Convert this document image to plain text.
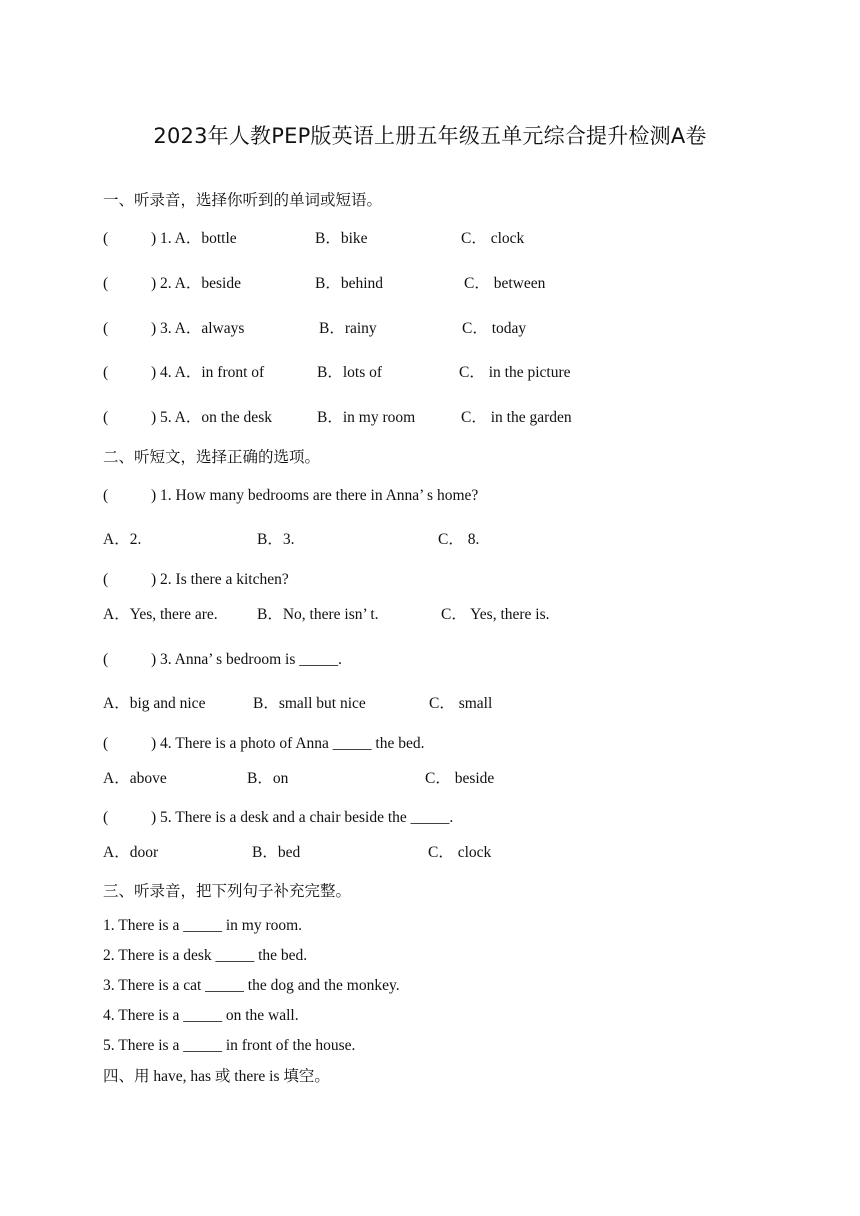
2023年人教PEP版英语上册五年级五单元综合提升检测A卷
一、听录音，选择你听到的单词或短语。
(	) 1. A．bottle	B．bike	C． clock
(	) 2. A．beside	B．behind	C． between
(	) 3. A．always	B．rainy	C． today
(	) 4. A．in front of	B．lots of	C． in the picture
(	) 5. A．on the desk	B．in my room	C． in the garden
二、听短文，选择正确的选项。
(	) 1. How many bedrooms are there in Anna’ s home?
A．2.	B．3.	C． 8.
(	) 2. Is there a kitchen?
A．Yes, there are.	B．No, there isn’ t.	C． Yes, there is.
(	) 3. Anna’ s bedroom is _____.
A．big and nice	B．small but nice	C． small
(	) 4. There is a photo of Anna _____ the bed.
A．above	B．on	C． beside
(	) 5. There is a desk and a chair beside the _____.
A．door	B．bed	C． clock
三、听录音，把下列句子补充完整。
1. There is a _____ in my room.
2. There is a desk _____ the bed.
3. There is a cat _____ the dog and the monkey.
4. There is a _____ on the wall.
5. There is a _____ in front of the house.
四、用 have, has 或 there is 填空。
